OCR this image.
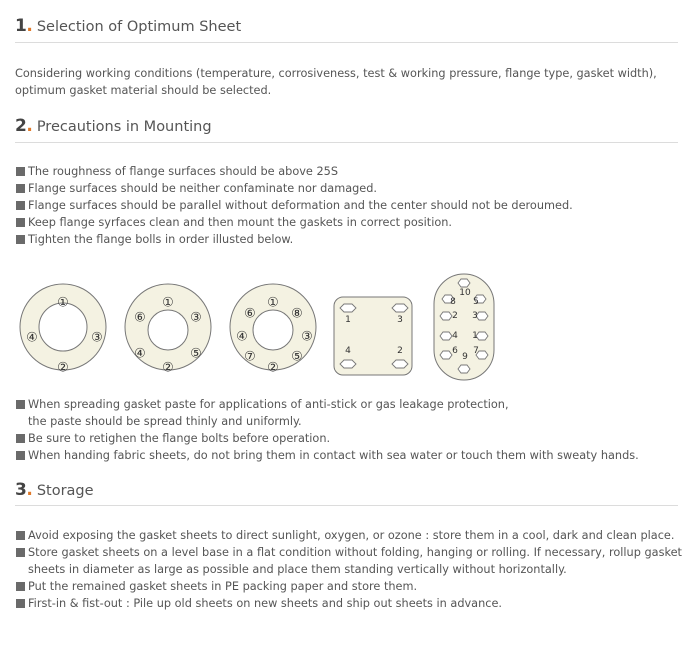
1 . Selection of Optimum Sheet
Considering working conditions (temperature, corrosiveness, test & working pressure, flange type, gasket width),
optimum gasket material should be selected.
2 . Precautions in Mounting
The roughness of flange surfaces should be above 25S
Flange surfaces should be neither confaminate nor damaged.
Flange surfaces should be parallel without deformation and the center should not be deroumed.
Keep flange syrfaces clean and then mount the gaskets in correct position.
Tighten the flange bolls in order illusted below.
①
③
②
④
①
③
⑤
②
④
⑥
①
⑧
③
⑤
②
⑦
④
⑥	1	3
2
4
10
5
3
1
7
9
6
4
2
8
When spreading gasket paste for applications of anti-stick or gas leakage protection,
the paste should be spread thinly and uniformly.
Be sure to retighen the flange bolts before operation.
When handing fabric sheets, do not bring them in contact with sea water or touch them with sweaty hands.
3 . Storage
Avoid exposing the gasket sheets to direct sunlight, oxygen, or ozone : store them in a cool, dark and clean place.
Store gasket sheets on a level base in a flat condition without folding, hanging or rolling. If necessary, rollup gasket
sheets in diameter as large as possible and place them standing vertically without horizontally.
Put the remained gasket sheets in PE packing paper and store them.
First-in & fist-out : Pile up old sheets on new sheets and ship out sheets in advance.
